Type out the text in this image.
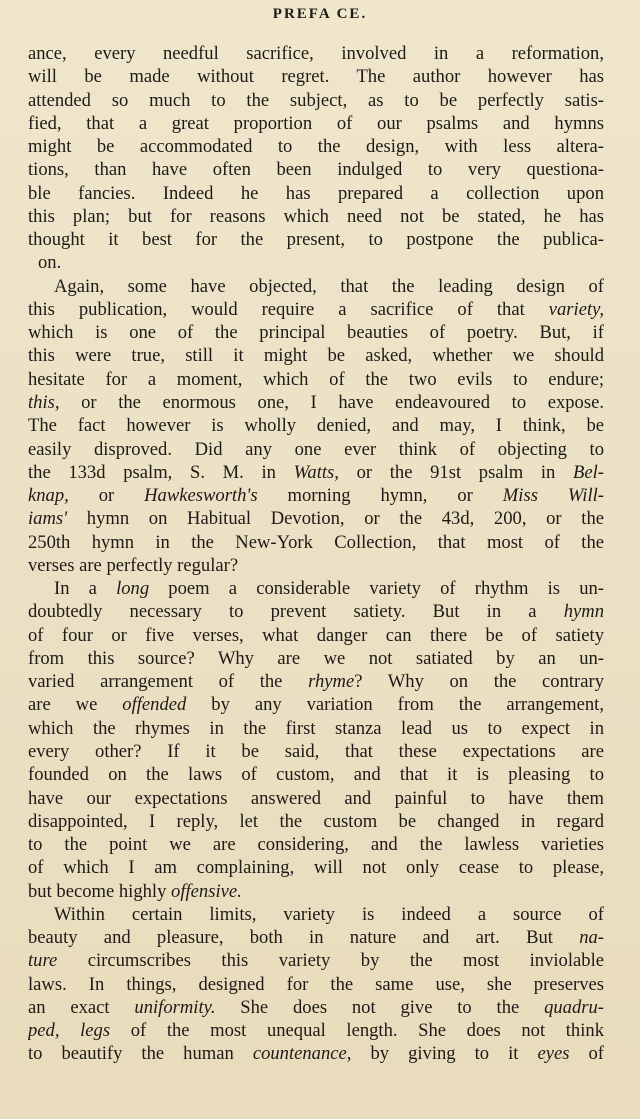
PREFA CE.
ance, every needful sacrifice, involved in a reformation,
will be made without regret. The author however has
attended so much to the subject, as to be perfectly satis-
fied, that a great proportion of our psalms and hymns
might be accommodated to the design, with less altera-
tions, than have often been indulged to very questiona-
ble fancies. Indeed he has prepared a collection upon
this plan; but for reasons which need not be stated, he has
thought it best for the present, to postpone the publica-
on.
Again, some have objected, that the leading design of
this publication, would require a sacrifice of that variety,
which is one of the principal beauties of poetry. But, if
this were true, still it might be asked, whether we should
hesitate for a moment, which of the two evils to endure;
this, or the enormous one, I have endeavoured to expose.
The fact however is wholly denied, and may, I think, be
easily disproved. Did any one ever think of objecting to
the 133d psalm, S. M. in Watts, or the 91st psalm in Bel-
knap, or Hawkesworth's morning hymn, or Miss Will-
iams' hymn on Habitual Devotion, or the 43d, 200, or the
250th hymn in the New-York Collection, that most of the
verses are perfectly regular?
In a long poem a considerable variety of rhythm is un-
doubtedly necessary to prevent satiety. But in a hymn
of four or five verses, what danger can there be of satiety
from this source? Why are we not satiated by an un-
varied arrangement of the rhyme? Why on the contrary
are we offended by any variation from the arrangement,
which the rhymes in the first stanza lead us to expect in
every other? If it be said, that these expectations are
founded on the laws of custom, and that it is pleasing to
have our expectations answered and painful to have them
disappointed, I reply, let the custom be changed in regard
to the point we are considering, and the lawless varieties
of which I am complaining, will not only cease to please,
but become highly offensive.
Within certain limits, variety is indeed a source of
beauty and pleasure, both in nature and art. But na-
ture circumscribes this variety by the most inviolable
laws. In things, designed for the same use, she preserves
an exact uniformity. She does not give to the quadru-
ped, legs of the most unequal length. She does not think
to beautify the human countenance, by giving to it eyes of
